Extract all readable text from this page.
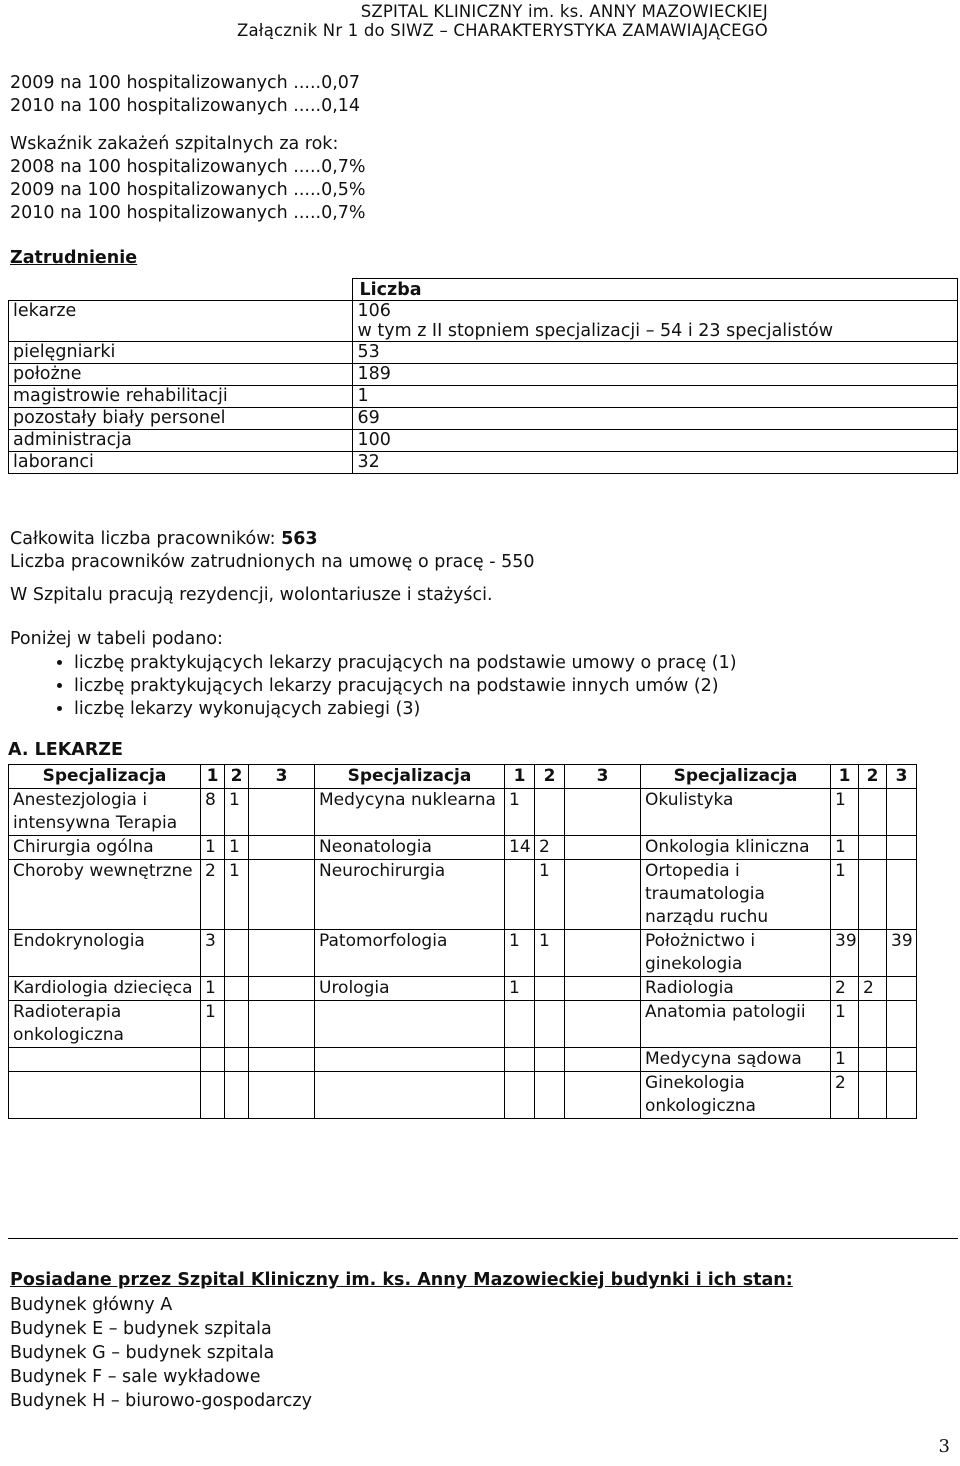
SZPITAL KLINICZNY im. ks. ANNY MAZOWIECKIEJ
Załącznik Nr 1 do SIWZ – CHARAKTERYSTYKA ZAMAWIAJĄCEGO
2009 na 100 hospitalizowanych .....0,07
2010 na 100 hospitalizowanych .....0,14
Wskaźnik zakażeń szpitalnych za rok:
2008 na 100 hospitalizowanych .....0,7%
2009 na 100 hospitalizowanych .....0,5%
2010 na 100 hospitalizowanych .....0,7%
Zatrudnienie
	Liczba
lekarze	106
w tym z II stopniem specjalizacji – 54 i 23 specjalistów

pielęgniarki	53
położne	189
magistrowie rehabilitacji	1
pozostały biały personel	69
administracja	100
laboranci	32
Całkowita liczba pracowników: 563
Liczba pracowników zatrudnionych na umowę o pracę - 550
W Szpitalu pracują rezydencji, wolontariusze i stażyści.
Poniżej w tabeli podano:
• liczbę praktykujących lekarzy pracujących na podstawie umowy o pracę (1)
• liczbę praktykujących lekarzy pracujących na podstawie innych umów (2)
• liczbę lekarzy wykonujących zabiegi (3)
A. LEKARZE
Specjalizacja	1	2	3	Specjalizacja	1	2	3	Specjalizacja	1	2	3
Anestezjologia i intensywna Terapia	8	1		Medycyna nuklearna	1			Okulistyka	1		
Chirurgia ogólna	1	1		Neonatologia	14	2		Onkologia kliniczna	1		
Choroby wewnętrzne	2	1		Neurochirurgia		1		Ortopedia i traumatologia narządu ruchu	1		
Endokrynologia	3			Patomorfologia	1	1		Położnictwo i ginekologia	39		39
Kardiologia dziecięca	1			Urologia	1			Radiologia	2	2	
Radioterapia onkologiczna	1							Anatomia patologii	1		
								Medycyna sądowa	1		
								Ginekologia onkologiczna	2		
Posiadane przez Szpital Kliniczny im. ks. Anny Mazowieckiej budynki i ich stan:
Budynek główny A
Budynek E – budynek szpitala
Budynek G – budynek szpitala
Budynek F – sale wykładowe
Budynek H – biurowo-gospodarczy
3
